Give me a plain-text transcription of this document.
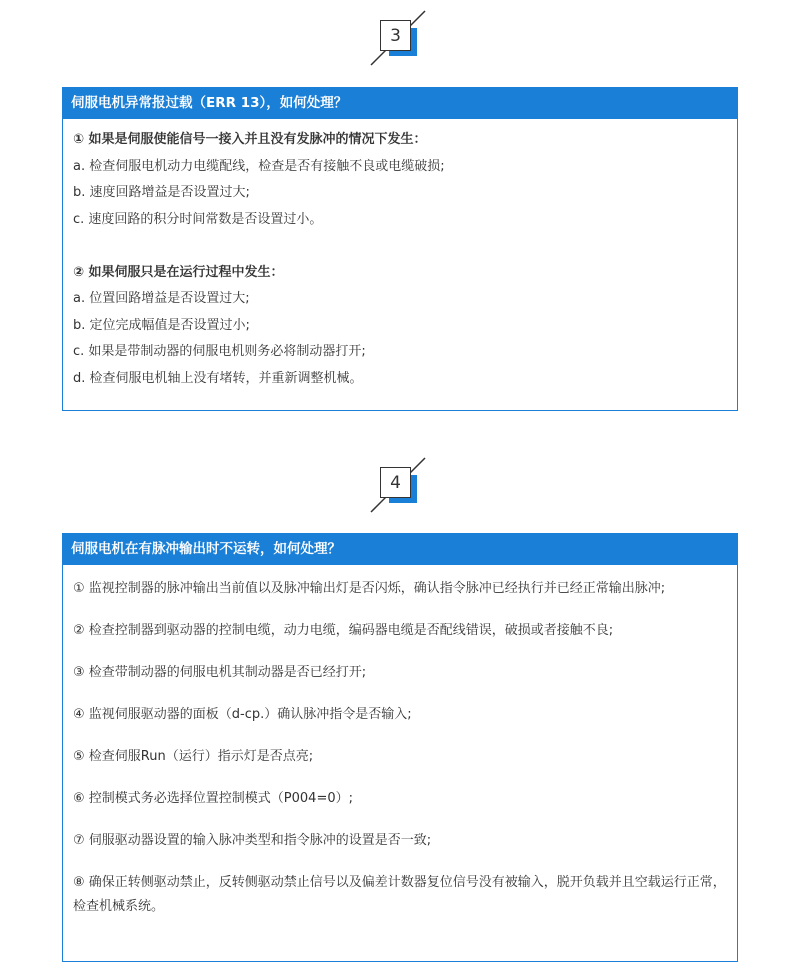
3
伺服电机异常报过载（ERR 13），如何处理？
① 如果是伺服使能信号一接入并且没有发脉冲的情况下发生：
a. 检查伺服电机动力电缆配线，检查是否有接触不良或电缆破损;
b. 速度回路增益是否设置过大;
c. 速度回路的积分时间常数是否设置过小。
② 如果伺服只是在运行过程中发生：
a. 位置回路增益是否设置过大;
b. 定位完成幅值是否设置过小;
c. 如果是带制动器的伺服电机则务必将制动器打开;
d. 检查伺服电机轴上没有堵转，并重新调整机械。
4
伺服电机在有脉冲输出时不运转，如何处理？
① 监视控制器的脉冲输出当前值以及脉冲输出灯是否闪烁，确认指令脉冲已经执行并已经正常输出脉冲;
② 检查控制器到驱动器的控制电缆，动力电缆，编码器电缆是否配线错误，破损或者接触不良;
③ 检查带制动器的伺服电机其制动器是否已经打开;
④ 监视伺服驱动器的面板（d-cp.）确认脉冲指令是否输入;
⑤ 检查伺服Run（运行）指示灯是否点亮;
⑥ 控制模式务必选择位置控制模式（P004=0）;
⑦ 伺服驱动器设置的输入脉冲类型和指令脉冲的设置是否一致;
⑧ 确保正转侧驱动禁止，反转侧驱动禁止信号以及偏差计数器复位信号没有被输入，脱开负载并且空载运行正常，检查机械系统。
